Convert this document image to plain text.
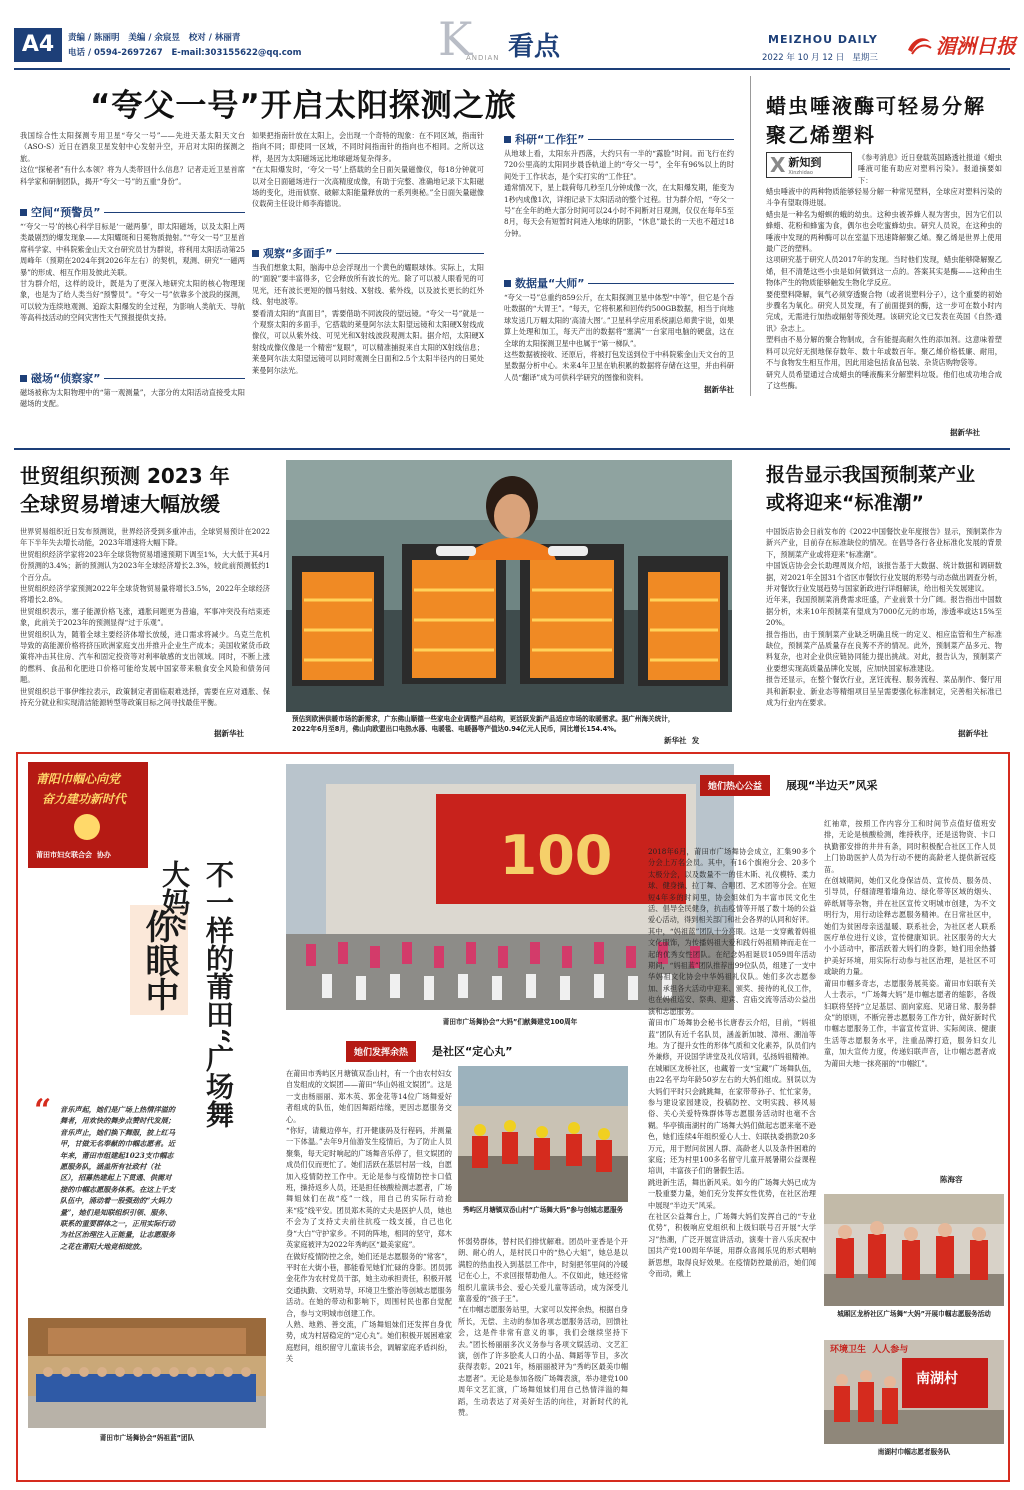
A4	责编 / 陈丽明   美编 / 余宸昱   校对 / 林丽青
电话 / 0594-2697267   E-mail:303155622@qq.com	K
ANDIAN 看点	MEIZHOU DAILY
2022 年 10 月 12 日   星期三	湄洲日报
“夸父一号”开启太阳探测之旅
我国综合性太阳探测专用卫星“夸父一号”——先进天基太阳天文台（ASO-S）近日在酒泉卫星发射中心发射升空，开启对太阳的探测之旅。
这位“探秘者”有什么本领？将为人类带回什么信息？记者走近卫星首席科学家和研制团队，揭开“夸父一号”的五重“身份”。
空间“预警员”
“‘夸父一号’的核心科学目标是‘一磁两暴’，即太阳磁场，以及太阳上两类最剧烈的爆发现象——太阳耀斑和日冕物质抛射。”“夸父一号”卫星首席科学家、中科院紫金山天文台研究员甘为群说，将利用太阳活动第25周峰年（预期在2024年到2026年左右）的契机，观测、研究“一磁两暴”的形成、相互作用及彼此关联。
甘为群介绍，这样的设计，既是为了更深入地研究太阳的核心物理现象，也是为了给人类当好“预警员”。“夸父一号”依靠多个波段的探测，可以较为连续地观测、追踪太阳爆发的全过程，为影响人类航天、导航等高科技活动的空间灾害性天气预报提供支持。
磁场“侦察家”
磁场被称为太阳物理中的“第一观测量”，大部分的太阳活动直接受太阳磁场的支配。
如果把指南针放在太阳上，会出现一个奇特的现象：在不同区域，指南针指向不同；即使同一区域，不同时间指南针的指向也不相同。之所以这样，是因为太阳磁场远比地球磁场复杂得多。
“在太阳爆发时，‘夸父一号’上搭载的全日面矢量磁像仪，每18分钟就可以对全日面磁场进行一次高精度成像，有助于完整、准确地记录下太阳磁场的变化，进而侦察、破解太阳能量释放的一系列奥秘。”全日面矢量磁像仪载荷主任设计师李海德说。
观察“多面手”
当我们想象太阳，脑海中总会浮现出一个黄色的耀眼球体。实际上，太阳的“面貌”要丰富得多，它会释放所有波长的光。除了可以被人眼看见的可见光，还有波长更短的伽马射线、X射线、紫外线，以及波长更长的红外线、射电波等。
要看清太阳的“真面目”，需要借助不同波段的望远镜。“夸父一号”就是一个观察太阳的多面手，它搭载的莱曼阿尔法太阳望远镜和太阳硬X射线成像仪，可以从紫外线、可见光和X射线波段观测太阳。据介绍，太阳硬X射线成像仪像是一个精密“复眼”，可以精准捕捉来自太阳的X射线信息；莱曼阿尔法太阳望远镜可以同时观测全日面和2.5个太阳半径内的日冕处莱曼阿尔法光。
科研“工作狂”
从地球上看，太阳东升西落，大约只有一半的“露脸”时间。而飞行在约720公里高的太阳同步晨昏轨道上的“夸父一号”，全年有96%以上的时间处于工作状态，是个实打实的“工作狂”。
通常情况下，星上载荷每几秒至几分钟成像一次，在太阳爆发期，能变为1秒内成像1次，详细记录下太阳活动的整个过程。甘为群介绍，“夸父一号”在全年的绝大部分时间可以24小时不间断对日观测，仅仅在每年5至8月，每天会有短暂时间进入地球的阴影，“休息”最长的一天也不超过18分钟。
数据量“大师”
“夸父一号”总重约859公斤，在太阳探测卫星中体型“中等”，但它是个吞吐数据的“大胃王”。“每天，它将积累和回传约500GB数据，相当于向地球发送几万幅太阳的‘高清大图’。”卫星科学应用系统副总师黄宇说，如果算上处理和加工，每天产出的数据将“塞满”一台家用电脑的硬盘，这在全球的太阳探测卫星中也属于“第一梯队”。
这些数据被接收、还原后，将被打包发送到位于中科院紫金山天文台的卫星数据分析中心。未来4年卫星在轨积累的数据将存储在这里，并由科研人员“翻译”成为可供科学研究的图像和资料。
据新华社
蜡虫唾液酶可轻易分解聚乙烯塑料
X 新知到
Xinzhidao
《参考消息》近日登载英国路透社报道《蜡虫唾液可能有助应对塑料污染》。报道摘要如下：
蜡虫唾液中的两种物质能够轻易分解一种常见塑料，全球应对塑料污染的斗争有望取得进展。
蜡虫是一种名为蜡螟的蛾的幼虫。这种虫被养蜂人视为害虫，因为它们以蜂蜡、花粉和蜂蜜为食，偶尔也会吃蜜蜂幼虫。研究人员说，在这种虫的唾液中发现的两种酶可以在室温下迅速降解聚乙烯。聚乙烯是世界上使用最广泛的塑料。
这项研究基于研究人员2017年的发现。当时他们发现，蜡虫能够降解聚乙烯，但不清楚这些小虫是如何做到这一点的。答案其实是酶——这种由生物体产生的物质能够触发生物化学反应。
要使塑料降解，氧气必须穿透聚合物（或者说塑料分子），这个重要的初始步骤名为氧化。研究人员发现，有了前面提到的酶，这一步可在数小时内完成，无需进行加热或辐射等预处理。该研究论文已发表在英国《自然-通讯》杂志上。
塑料由不易分解的聚合物制成，含有能提高耐久性的添加剂。这意味着塑料可以完好无损地保存数年、数十年或数百年。聚乙烯价格低廉、耐用，不与食物发生相互作用，因此用途包括食品包装、杂货店购物袋等。
研究人员希望通过合成蜡虫的唾液酶来分解塑料垃圾。他们也成功地合成了这些酶。
据新华社
世贸组织预测 2023 年
全球贸易增速大幅放缓
世界贸易组织近日发布预测说，世界经济受到多重冲击，全球贸易预计在2022年下半年失去增长动能，2023年增速将大幅下降。
世贸组织经济学家将2023年全球货物贸易增速预期下调至1%，大大低于其4月份预测的3.4%；新的预测认为2023年全球经济增长2.3%，较此前预测低约1个百分点。
世贸组织经济学家预测2022年全球货物贸易量将增长3.5%，2022年全球经济将增长2.8%。
世贸组织表示，塞子能源价格飞涨，通胀问题更为普遍，军事冲突没有结束迹象，此前关于2023年的预测显得“过于乐观”。
世贸组织认为，随着全球主要经济体增长放缓，进口需求将减少。乌克兰危机导致的高能源价格将挤压欧洲家庭支出并推升企业生产成本；美国收紧货币政策将冲击其住房、汽车和固定投资等对利率敏感的支出领域。同时，不断上涨的燃料、食品和化肥进口价格可能给发展中国家带来粮食安全风险和债务问题。
世贸组织总干事伊维拉表示，政策制定者面临艰难选择，需要在应对通胀、保持充分就业和实现清洁能源转型等政策目标之间寻找最佳平衡。
据新华社
预估到欧洲供暖市场的新需求，广东佛山顺德一些家电企业调整产品结构，更活跃发新产品适应市场的取暖需求。据广州海关统计，2022年6月至8月，佛山向欧盟出口电热水器、电暖毯、电暖器等产值达0.94亿元人民币，同比增长154.4%。
新华社  发
报告显示我国预制菜产业
或将迎来“标准潮”
中国饭店协会日前发布的《2022中国餐饮业年度报告》显示，预制菜作为新兴产业，目前存在标准缺位的情况。在倡导各行各业标准化发展的背景下，预制菜产业或将迎来“标准潮”。
中国饭店协会会长助理周岚介绍，该报告基于大数据、统计数据和调研数据，对2021年全国31个省区市餐饮行业发展的形势与动态做出调查分析，并对餐饮行业发展趋势与国家新政进行详细解读，给出相关发展建议。
近年来，我国预制菜消费需求旺盛，产业前景十分广阔。报告指出中国数据分析，未来10年预制菜有望成为7000亿元的市场，渗透率或达15%至20%。
报告指出，由于预制菜产业缺乏明确且统一的定义、相应监管和生产标准缺位，预制菜产品质量存在良莠不齐的情况。此外，预制菜产品多元、物料复杂，也对企业供应链协同能力提出挑战。对此，报告认为，预制菜产业要想实现高质量品牌化发展，应加快国家标准建设。
报告还显示，在整个餐饮行业，烹饪流程、服务流程、菜品制作、餐厅用具和新职业、新业态等精细项目呈呈需要强化标准制定，完善相关标准已成为行业内在要求。
据新华社
莆阳巾帼心向党
奋力建功新时代
莆田市妇女联合会  协办
你眼中 不一样的莆田“广场舞大妈”
“ 音乐声起，她们是广场上热情洋溢的舞者，用欢快的舞步点赞时代发展；音乐声止，她们换下舞服，披上红马甲，甘做无名奉献的巾帼志愿者。近年来，莆田市组建起1023支巾帼志愿服务队，涵盖所有社政村（社区），招募热建起上下贯通、供需对接的巾帼志愿服务体系。在这上千支队伍中，涌动着一股强劲的“大妈力量”，她们是知联组织引领、服务、联系的重要群体之一，正用实际行动为社区治理注入正能量，让志愿服务之花在莆阳大地竞相绽放。
莆田市广场舞协会“妈祖蓝”团队
100
莆田市广场舞协会“大妈”们献舞建党100周年
她们发挥余热	是社区“定心丸”
她们热心公益	展现“半边天”风采
在莆田市秀屿区月塘镇双岙山村，有一个由农村妇女自发组成的文娱团——莆田“华山妈祖文娱团”。这是一支由杨丽丽、郑木英、郭金花等14位广场舞爱好者组成的队伍，她们因舞蹈结缘，更因志愿服务交心。
“你好，请戴边停车，打开健康码及行程码，并测量一下体温。”去年9月仙游发生疫情后，为了防止人员聚集，每天定时响起的广场舞音乐停了，但文娱团的成员们仅而更忙了。她们活跃在基层村居一线，自愿加入疫情防控工作中。无论是参与疫情防控卡口值班，操持返乡人员，还是担任核酸检测志愿者，广场舞姐妹们在战“疫”一线，用自己的实际行动抢来“疫”线平安。团员郑木英的丈夫是医护人员，她也不会为了支持丈夫前往抗疫一线支援，自己也化身“大白”守护家乡。不同的阵地，相同的坚守，郑木英家庭被评为2022年秀屿区“最美家庭”。
在做好疫情防控之余，她们还是志愿服务的“常客”，平时在大街小巷，都能看见她们忙碌的身影。团员郭金花作为农村党员干部，她主动承担责任，积极开展交通执勤、文明劝导，环境卫生整治等创城志愿服务活动。在她的带动和影响下，周围村民也都自觉配合，参与文明城市创建工作。
人熟、地熟、善交流，广场舞姐妹们还发挥自身优势，成为村居稳定的“定心丸”。她们积极开展困难家庭慰问，组织留守儿童读书会，调解家庭矛盾纠纷，关
秀屿区月塘镇双岙山村“广场舞大妈”参与创城志愿服务
怀弱势群体，替村民们排忧解难。团员叶亚香是个开朗、耐心的人，是村民口中的“热心大姐”，她总是以满腔的热血投入到基层工作中，时刻把邻里间的冷暖记在心上，不求回报帮助他人。不仅如此，她还经常组织儿童读书会、爱心关爱儿童等活动，成为深受儿童喜爱的“孩子王”。
“在巾帼志愿服务站里，大家可以发挥余热，根据自身所长，无偿、主动的参加各项志愿服务活动，回馈社会，这是件非常有意义的事，我们会继续坚持下去。”团长杨丽丽多次义务参与各项文娱活动、文艺汇演，创作了许多脍炙人口的小品、舞蹈等节目，多次获得表彰。2021年，杨丽丽被评为“秀屿区最美巾帼志愿者”。无论是参加各级广场舞表演，举办建党100周年文艺汇演，广场舞姐妹们用自己热情洋溢的舞蹈，生动表达了对美好生活的向往，对新时代的礼赞。
2018年6月，莆田市广场舞协会成立，汇集90多个分会上万名会员。其中，有16个旗袍分会、20多个太极分会，以及数量不一的佳木斯、礼仪模特、柔力球、健身操、拉丁舞、合唱团、艺术团等分会。在短短4年多的时间里，协会姐妹们为丰富市民文化生活、倡导全民健身，抗击疫情等开展了数十场的公益爱心活动，得到相关部门和社会各界的认同和好评。
其中，“妈祖蓝”团队十分亮眼。这是一支穿戴着妈祖文化服饰，为传播妈祖大爱和践行妈祖精神而走在一起的优秀女性团队。在纪念妈祖诞辰1059周年活动期间，“妈祖蓝”团队推荐出99位队员，组建了一支中华妈祖文化协会中华妈祖礼仪队。她们多次志愿参加、承担各大活动中迎来、颁奖、接待的礼仪工作，也在妈祖巡安、祭典、迎宾、宫庙交流等活动公益出演和志愿服务。
莆田市广场舞协会秘书长唐春云介绍，目前，“妈祖蓝”团队有近千名队员，涵盖新加坡、漳州、潮汕等地。为了提升女性的形体气质和文化素养，队员们内外兼修，开设国学讲堂及礼仪培训，弘扬妈祖精神。
在城厢区龙桥社区，也藏着一支“宝藏”广场舞队伍，由22名平均年龄50岁左右的大妈们组成。别误以为大妈们平时只会跳跳舞，在家带带孙子、忙忙家务，参与建设家园建设，投稿防控、文明实践、移风易俗、关心关爱特殊群体等志愿服务活动时也毫不含糊。华亭镇南湖村的广场舞大妈们做起志愿来毫不逊色，她们连续4年组织爱心人士、妇联执委捐款20多万元，用于慰问贫困人群、高龄老人以及条件困难的家庭；还为村里100多名留守儿童开展暑期公益课程培训，丰富孩子们的暑假生活。
跳进新生活，舞出新风采。如今的广场舞大妈已成为一股重要力量，她们充分发挥女性优势，在社区治理中展现“半边天”风采。
在社区公益舞台上，广场舞大妈们发挥自己的“专业优势”，积极响应党组织和上级妇联号召开展“大学习”热潮，广泛开展宣讲活动，演奏十音八乐庆祝中国共产党100周年华诞，用群众喜闻乐见的形式唱响新思想，取得良好效果。在疫情防控最前沿，她们闻令而动，戴上
红袖章，按照工作内容分工和时间节点值好值班安排，无论是核酸检测，维持秩序，还是送物资、卡口执勤都安排的井井有条，同时积极配合社区工作人员上门协助医护人员为行动不便的高龄老人提供新冠疫苗。
在创城期间，她们又化身保洁员、宣传员、服务员、引导员，仔细清理着墙角边、绿化带等区域的烟头、碎纸屑等杂物，并在社区宣传文明城市创建，为不文明行为，用行动诠释志愿服务精神。在日常社区中，她们为贫困母亲送温暖、联系社会，为社区老人联系医疗单位进行义诊，宣传健康知识。社区服务的大大小小活动中，都活跃着大妈们的身影，她们用余热播护美好环境，用实际行动参与社区治理，是社区不可或缺的力量。
莆田巾帼多奇志，志愿服务展英姿。莆田市妇联有关人士表示，“广场舞大妈”是巾帼志愿者的缩影，各级妇联将坚持“立足基层、面向家庭、见诸日常、服务群众”的原则，不断完善志愿服务工作方针，做好新时代巾帼志愿服务工作，丰富宣传宣讲、实际阅读、健康生活等志愿服务水平，注重品牌打造，服务妇女儿童，加大宣传力度，传递妇联声音，让巾帼志愿者成为莆田大地一抹亮丽的“巾帼红”。
陈海容
城厢区龙桥社区广场舞“大妈”开展巾帼志愿服务活动
环境卫生  人人参与
南湖村
南湖村巾帼志愿者服务队
